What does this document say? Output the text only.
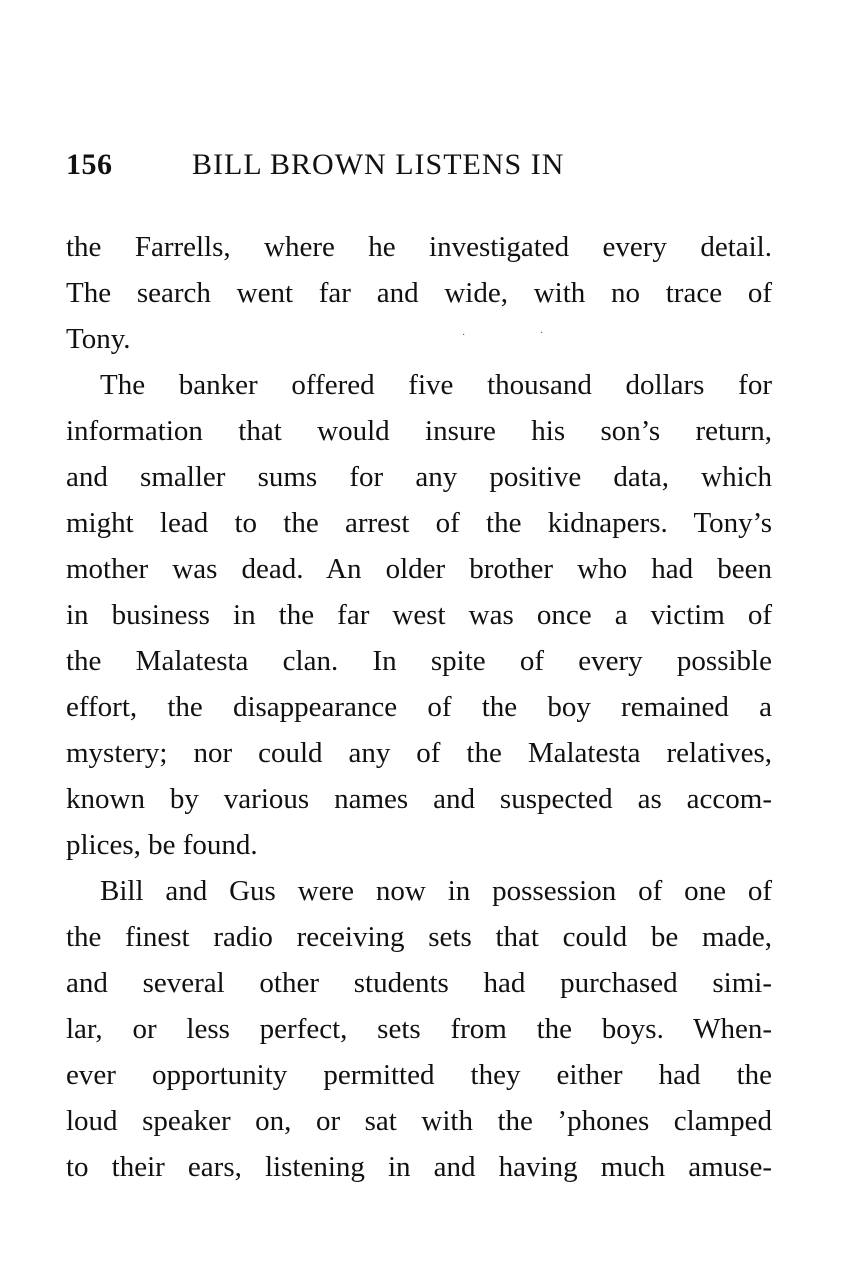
156	BILL BROWN LISTENS IN
·	·
the Farrells, where he investigated every detail.
The search went far and wide, with no trace of
Tony.
The banker offered five thousand dollars for
information that would insure his son’s return,
and smaller sums for any positive data, which
might lead to the arrest of the kidnapers. Tony’s
mother was dead. An older brother who had been
in business in the far west was once a victim of
the Malatesta clan. In spite of every possible
effort, the disappearance of the boy remained a
mystery; nor could any of the Malatesta relatives,
known by various names and suspected as accom-
plices, be found.
Bill and Gus were now in possession of one of
the finest radio receiving sets that could be made,
and several other students had purchased simi-
lar, or less perfect, sets from the boys. When-
ever opportunity permitted they either had the
loud speaker on, or sat with the ’phones clamped
to their ears, listening in and having much amuse-
